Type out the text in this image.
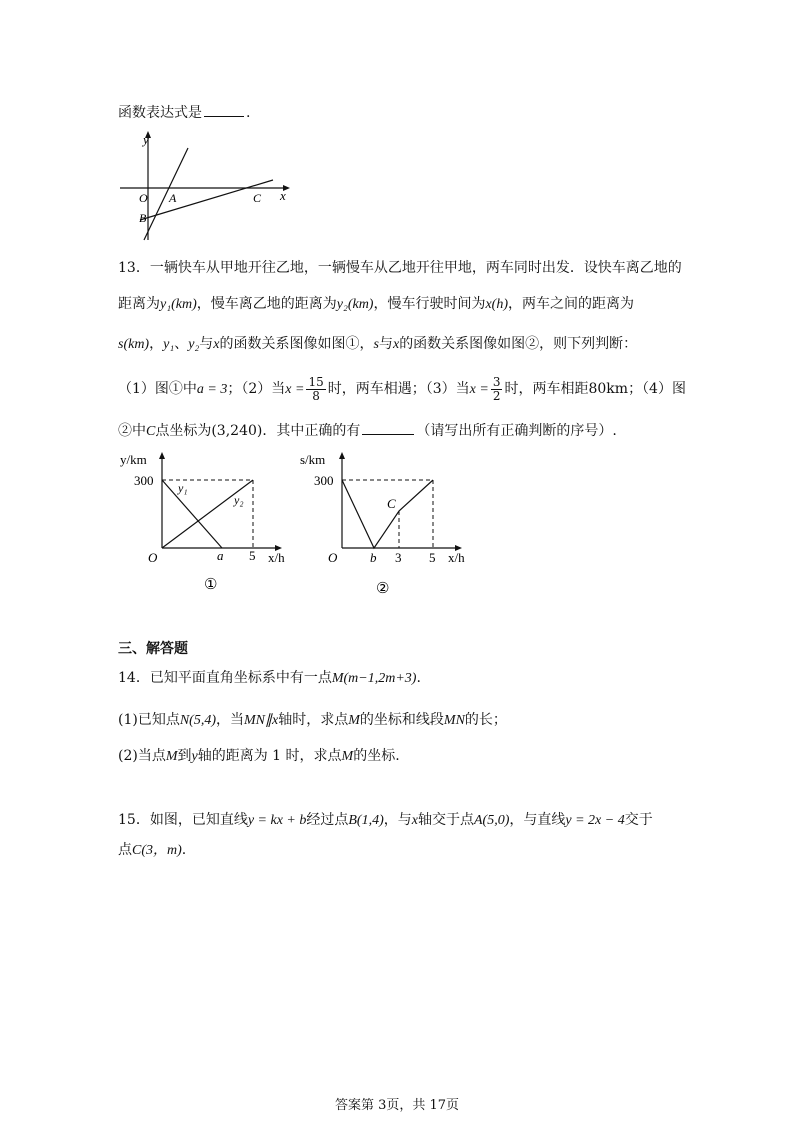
函数表达式是	.
y
x
O A
B
C
13．一辆快车从甲地开往乙地，一辆慢车从乙地开往甲地，两车同时出发．设快车离乙地的
距离为y₁(km)，慢车离乙地的距离为y₂(km)，慢车行驶时间为x(h)，两车之间的距离为
s(km)，y₁、y₂与x的函数关系图像如图①，s与x的函数关系图像如图②，则下列判断：
（1）图①中a = 3；（2）当$x = \frac{15}{8}$ 时，两车相遇；（3）当$x = \frac{3}{2}$ 时，两车相距80km；（4）图
②中C点坐标为(3,240)．其中正确的有	（请写出所有正确判断的序号）.
y/km
300
O	a 5 x/h
y₁
y₂
①
s/km
300
O	b 3 5 x/h
C
②
三、解答题
14．已知平面直角坐标系中有一点M(m−1,2m+3).
(1)已知点N(5,4)，当MN∥x轴时，求点M的坐标和线段MN的长；
(2)当点M到y轴的距离为 1 时，求点M的坐标.
15．如图，已知直线y = kx + b经过点B(1,4)，与x轴交于点A(5,0)，与直线y = 2x − 4交于
点C(3，m).
答案第 3页，共 17页
